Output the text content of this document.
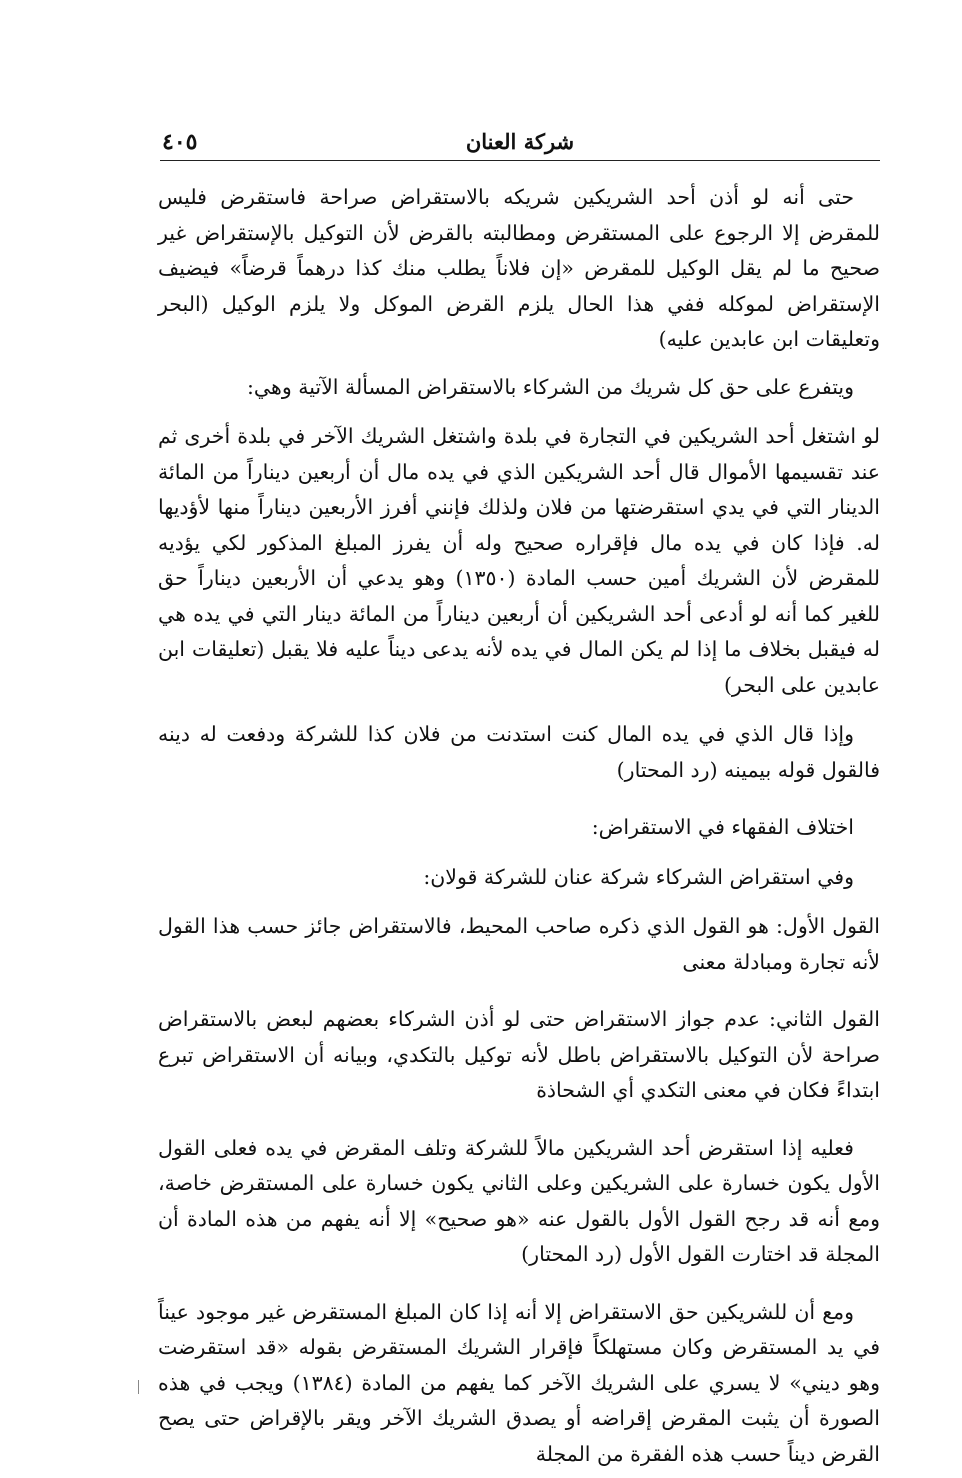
شركة العنان
٤٠٥

حتى أنه لو أذن أحد الشريكين شريكه بالاستقراض صراحة فاستقرض فليس للمقرض إلا الرجوع على المستقرض ومطالبته بالقرض لأن التوكيل بالإستقراض غير صحيح ما لم يقل الوكيل للمقرض «إن فلاناً يطلب منك كذا درهماً قرضاً» فيضيف الإستقراض لموكله ففي هذا الحال يلزم القرض الموكل ولا يلزم الوكيل (البحر وتعليقات ابن عابدين عليه)

ويتفرع على حق كل شريك من الشركاء بالاستقراض المسألة الآتية وهي:

لو اشتغل أحد الشريكين في التجارة في بلدة واشتغل الشريك الآخر في بلدة أخرى ثم عند تقسيمها الأموال قال أحد الشريكين الذي في يده مال أن أربعين ديناراً من المائة الدينار التي في يدي استقرضتها من فلان ولذلك فإنني أفرز الأربعين ديناراً منها لأؤديها له. فإذا كان في يده مال فإقراره صحيح وله أن يفرز المبلغ المذكور لكي يؤديه للمقرض لأن الشريك أمين حسب المادة (١٣٥٠) وهو يدعي أن الأربعين ديناراً حق للغير كما أنه لو أدعى أحد الشريكين أن أربعين ديناراً من المائة دينار التي في يده هي له فيقبل بخلاف ما إذا لم يكن المال في يده لأنه يدعى ديناً عليه فلا يقبل (تعليقات ابن عابدين على البحر)

وإذا قال الذي في يده المال كنت استدنت من فلان كذا للشركة ودفعت له دينه فالقول قوله بيمينه (رد المحتار)

اختلاف الفقهاء في الاستقراض:

وفي استقراض الشركاء شركة عنان للشركة قولان:

القول الأول: هو القول الذي ذكره صاحب المحيط، فالاستقراض جائز حسب هذا القول لأنه تجارة ومبادلة معنى

القول الثاني: عدم جواز الاستقراض حتى لو أذن الشركاء بعضهم لبعض بالاستقراض صراحة لأن التوكيل بالاستقراض باطل لأنه توكيل بالتكدي، وبيانه أن الاستقراض تبرع ابتداءً فكان في معنى التكدي أي الشحاذة

فعليه إذا استقرض أحد الشريكين مالاً للشركة وتلف المقرض في يده فعلى القول الأول يكون خسارة على الشريكين وعلى الثاني يكون خسارة على المستقرض خاصة، ومع أنه قد رجح القول الأول بالقول عنه «هو صحيح» إلا أنه يفهم من هذه المادة أن المجلة قد اختارت القول الأول (رد المحتار)

ومع أن للشريكين حق الاستقراض إلا أنه إذا كان المبلغ المستقرض غير موجود عيناً في يد المستقرض وكان مستهلكاً فإقرار الشريك المستقرض بقوله «قد استقرضت وهو ديني» لا يسري على الشريك الآخر كما يفهم من المادة (١٣٨٤) ويجب في هذه الصورة أن يثبت المقرض إقراضه أو يصدق الشريك الآخر ويقر بالإقراض حتى يصح القرض ديناً حسب هذه الفقرة من المجلة
